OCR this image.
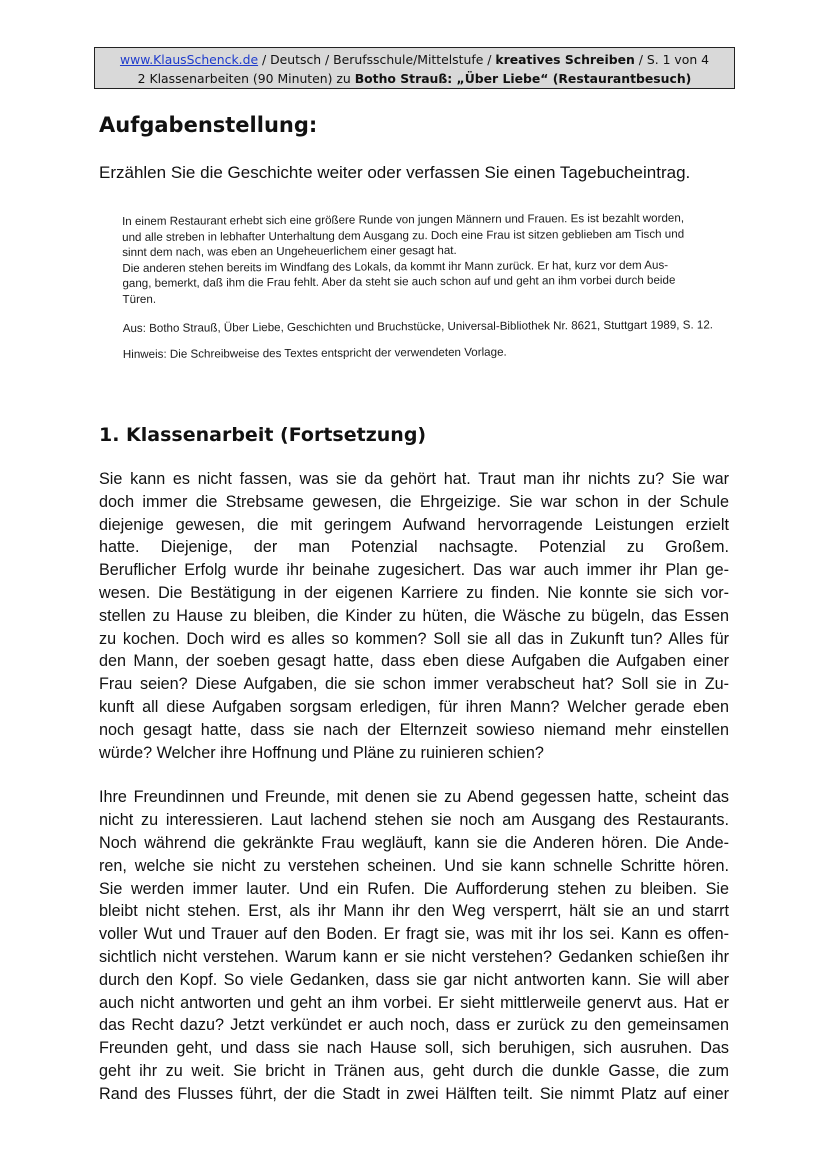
www.KlausSchenck.de / Deutsch / Berufsschule/Mittelstufe / kreatives Schreiben / S. 1 von 4
2 Klassenarbeiten (90 Minuten) zu Botho Strauß: „Über Liebe“ (Restaurantbesuch)
Aufgabenstellung:

Erzählen Sie die Geschichte weiter oder verfassen Sie einen Tagebucheintrag.

In einem Restaurant erhebt sich eine größere Runde von jungen Männern und Frauen. Es ist bezahlt worden,

und alle streben in lebhafter Unterhaltung dem Ausgang zu. Doch eine Frau ist sitzen geblieben am Tisch und

sinnt dem nach, was eben an Ungeheuerlichem einer gesagt hat.

Die anderen stehen bereits im Windfang des Lokals, da kommt ihr Mann zurück. Er hat, kurz vor dem Aus-

gang, bemerkt, daß ihm die Frau fehlt. Aber da steht sie auch schon auf und geht an ihm vorbei durch beide

Türen.

Aus: Botho Strauß, Über Liebe, Geschichten und Bruchstücke, Universal-Bibliothek Nr. 8621, Stuttgart 1989, S. 12.

Hinweis: Die Schreibweise des Textes entspricht der verwendeten Vorlage.

1. Klassenarbeit (Fortsetzung)
Sie kann es nicht fassen, was sie da gehört hat. Traut man ihr nichts zu? Sie war
doch immer die Strebsame gewesen, die Ehrgeizige. Sie war schon in der Schule
diejenige gewesen, die mit geringem Aufwand hervorragende Leistungen erzielt
hatte. Diejenige, der man Potenzial nachsagte. Potenzial zu Großem.
Beruflicher Erfolg wurde ihr beinahe zugesichert. Das war auch immer ihr Plan ge-
wesen. Die Bestätigung in der eigenen Karriere zu finden. Nie konnte sie sich vor-
stellen zu Hause zu bleiben, die Kinder zu hüten, die Wäsche zu bügeln, das Essen
zu kochen. Doch wird es alles so kommen? Soll sie all das in Zukunft tun? Alles für
den Mann, der soeben gesagt hatte, dass eben diese Aufgaben die Aufgaben einer
Frau seien? Diese Aufgaben, die sie schon immer verabscheut hat? Soll sie in Zu-
kunft all diese Aufgaben sorgsam erledigen, für ihren Mann? Welcher gerade eben
noch gesagt hatte, dass sie nach der Elternzeit sowieso niemand mehr einstellen
würde? Welcher ihre Hoffnung und Pläne zu ruinieren schien?
Ihre Freundinnen und Freunde, mit denen sie zu Abend gegessen hatte, scheint das
nicht zu interessieren. Laut lachend stehen sie noch am Ausgang des Restaurants.
Noch während die gekränkte Frau wegläuft, kann sie die Anderen hören. Die Ande-
ren, welche sie nicht zu verstehen scheinen. Und sie kann schnelle Schritte hören.
Sie werden immer lauter. Und ein Rufen. Die Aufforderung stehen zu bleiben. Sie
bleibt nicht stehen. Erst, als ihr Mann ihr den Weg versperrt, hält sie an und starrt
voller Wut und Trauer auf den Boden. Er fragt sie, was mit ihr los sei. Kann es offen-
sichtlich nicht verstehen. Warum kann er sie nicht verstehen? Gedanken schießen ihr
durch den Kopf. So viele Gedanken, dass sie gar nicht antworten kann. Sie will aber
auch nicht antworten und geht an ihm vorbei. Er sieht mittlerweile genervt aus. Hat er
das Recht dazu? Jetzt verkündet er auch noch, dass er zurück zu den gemeinsamen
Freunden geht, und dass sie nach Hause soll, sich beruhigen, sich ausruhen. Das
geht ihr zu weit. Sie bricht in Tränen aus, geht durch die dunkle Gasse, die zum
Rand des Flusses führt, der die Stadt in zwei Hälften teilt. Sie nimmt Platz auf einer
